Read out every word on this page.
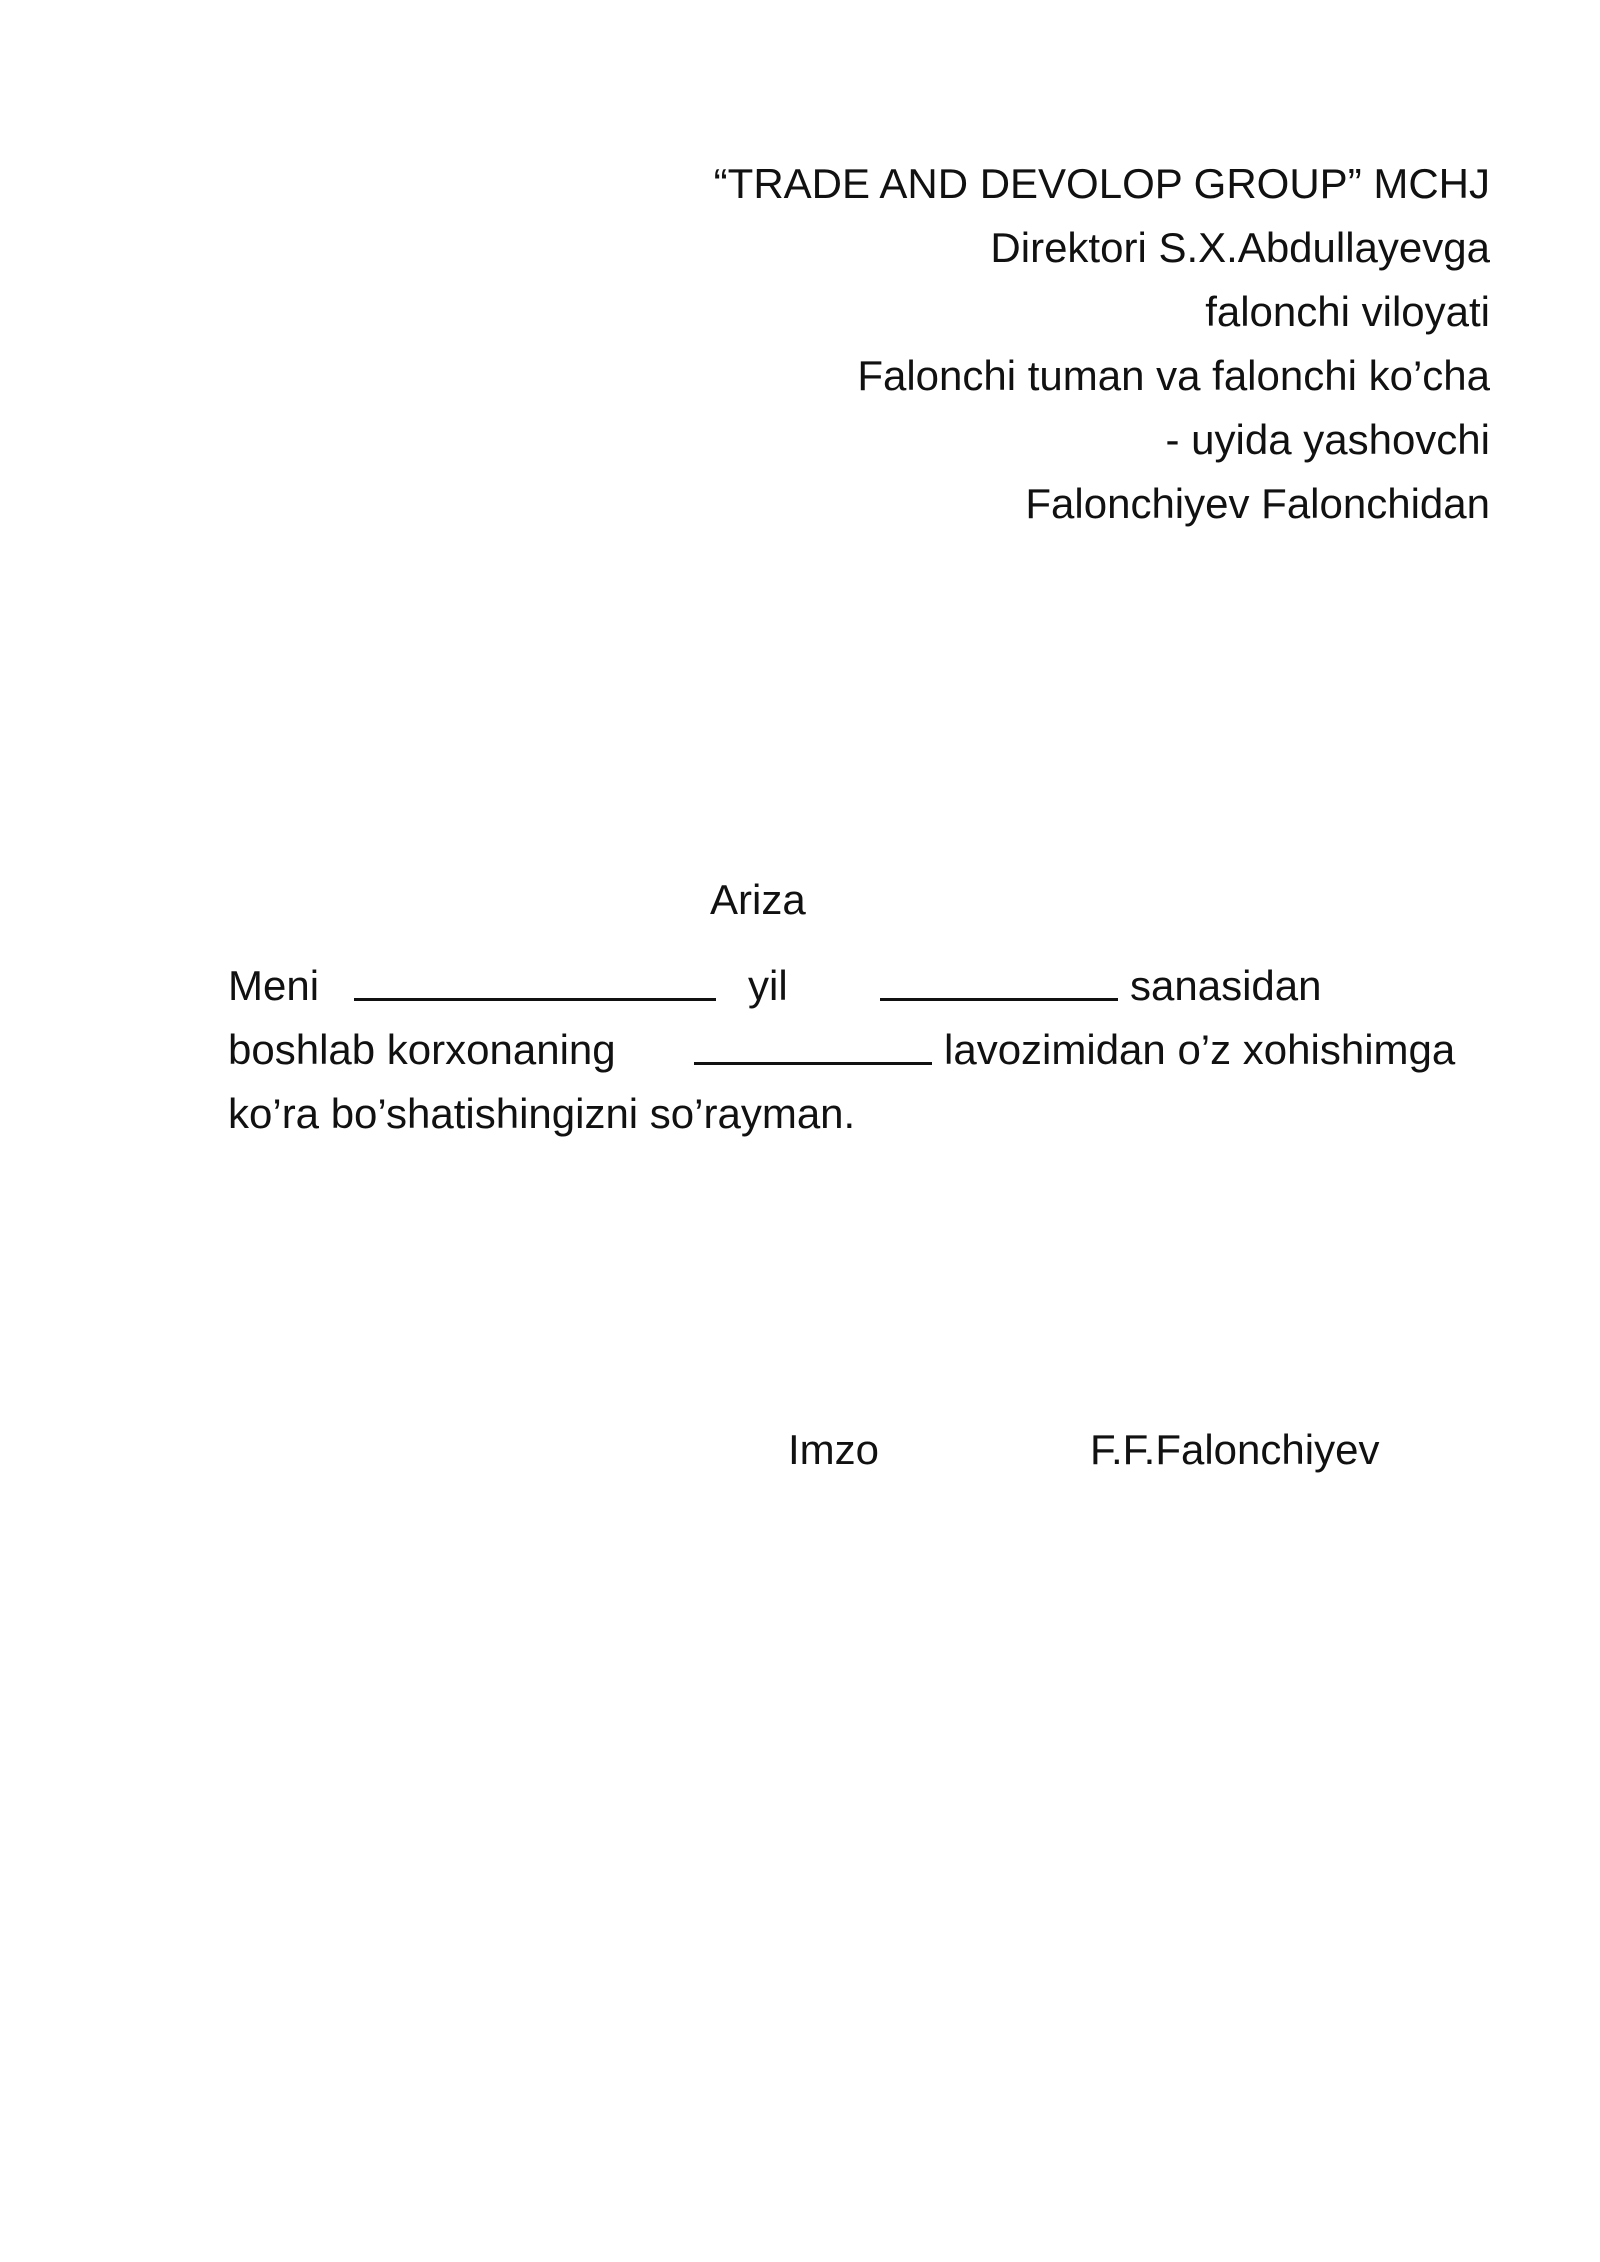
“TRADE AND DEVOLOP GROUP” MCHJ
Direktori S.X.Abdullayevga
falonchi viloyati
Falonchi tuman va falonchi ko’cha
- uyida yashovchi
Falonchiyev Falonchidan
Ariza
Meni	yil	sanasidan
boshlab korxonaning	lavozimidan o’z xohishimga
ko’ra bo’shatishingizni so’rayman.
Imzo	F.F.Falonchiyev
